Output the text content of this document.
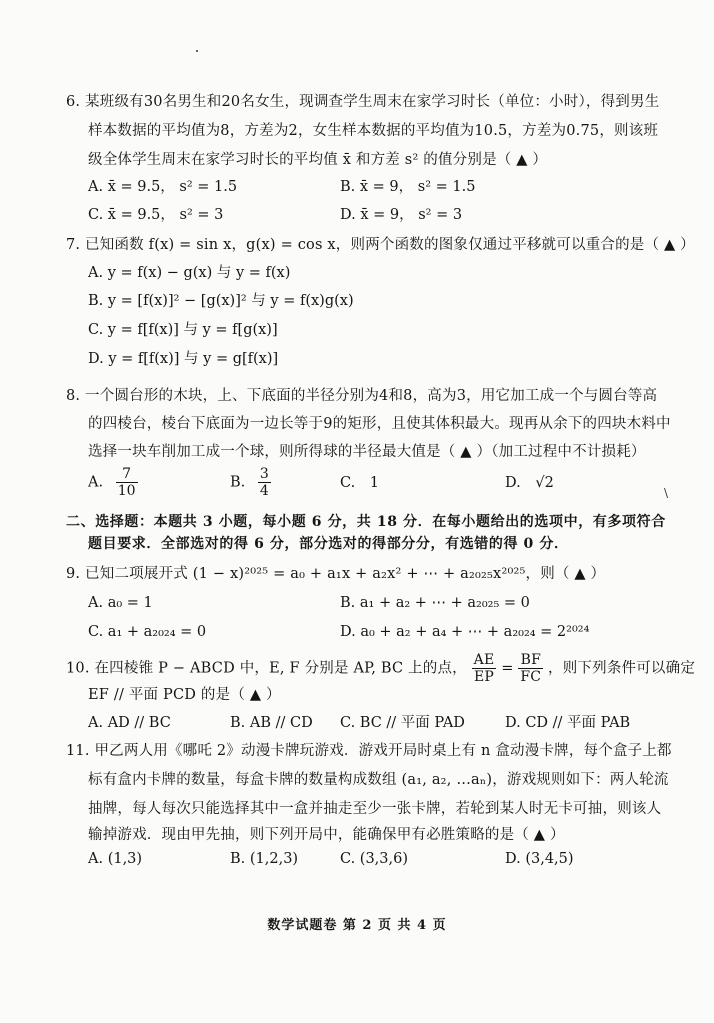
\
6. 某班级有30名男生和20名女生，现调查学生周末在家学习时长（单位：小时），得到男生
样本数据的平均值为8，方差为2，女生样本数据的平均值为10.5，方差为0.75，则该班
级全体学生周末在家学习时长的平均值 x̄ 和方差 s² 的值分别是（ ▲ ）
A. x̄ = 9.5， s² = 1.5	B. x̄ = 9， s² = 1.5
C. x̄ = 9.5， s² = 3	D. x̄ = 9， s² = 3
7. 已知函数 f(x) = sin x，g(x) = cos x，则两个函数的图象仅通过平移就可以重合的是（ ▲ ）
A. y = f(x) − g(x) 与 y = f(x)
B. y = [f(x)]² − [g(x)]² 与 y = f(x)g(x)
C. y = f[f(x)] 与 y = f[g(x)]
D. y = f[f(x)] 与 y = g[f(x)]
8. 一个圆台形的木块，上、下底面的半径分别为4和8，高为3，用它加工成一个与圆台等高
的四棱台，棱台下底面为一边长等于9的矩形，且使其体积最大。现再从余下的四块木料中
选择一块车削加工成一个球，则所得球的半径最大值是（ ▲ ）（加工过程中不计损耗）
A. $\frac{7}{10}$	B. $\frac{3}{4}$	C. 1	D. √2
二、选择题：本题共 3 小题，每小题 6 分，共 18 分．在每小题给出的选项中，有多项符合
题目要求．全部选对的得 6 分，部分选对的得部分分，有选错的得 0 分．
9. 已知二项展开式 (1 − x)²⁰²⁵ = a₀ + a₁x + a₂x² + ⋯ + a₂₀₂₅x²⁰²⁵，则（ ▲ ）
A. a₀ = 1	B. a₁ + a₂ + ⋯ + a₂₀₂₅ = 0
C. a₁ + a₂₀₂₄ = 0	D. a₀ + a₂ + a₄ + ⋯ + a₂₀₂₄ = 2²⁰²⁴
10. 在四棱锥 P − ABCD 中，E, F 分别是 AP, BC 上的点， $\frac{AE}{EP} = \frac{BF}{FC}$ ，则下列条件可以确定
EF // 平面 PCD 的是（ ▲ ）
A. AD // BC	B. AB // CD C. BC // 平面 PAD	D. CD // 平面 PAB
11. 甲乙两人用《哪吒 2》动漫卡牌玩游戏．游戏开局时桌上有 n 盒动漫卡牌，每个盒子上都
标有盒内卡牌的数量，每盒卡牌的数量构成数组 (a₁, a₂, …aₙ)，游戏规则如下：两人轮流
抽牌，每人每次只能选择其中一盒并抽走至少一张卡牌，若轮到某人时无卡可抽，则该人
输掉游戏．现由甲先抽，则下列开局中，能确保甲有必胜策略的是（ ▲ ）
A. (1,3)	B. (1,2,3)	C. (3,3,6)	D. (3,4,5)
数学试题卷 第 2 页 共 4 页
